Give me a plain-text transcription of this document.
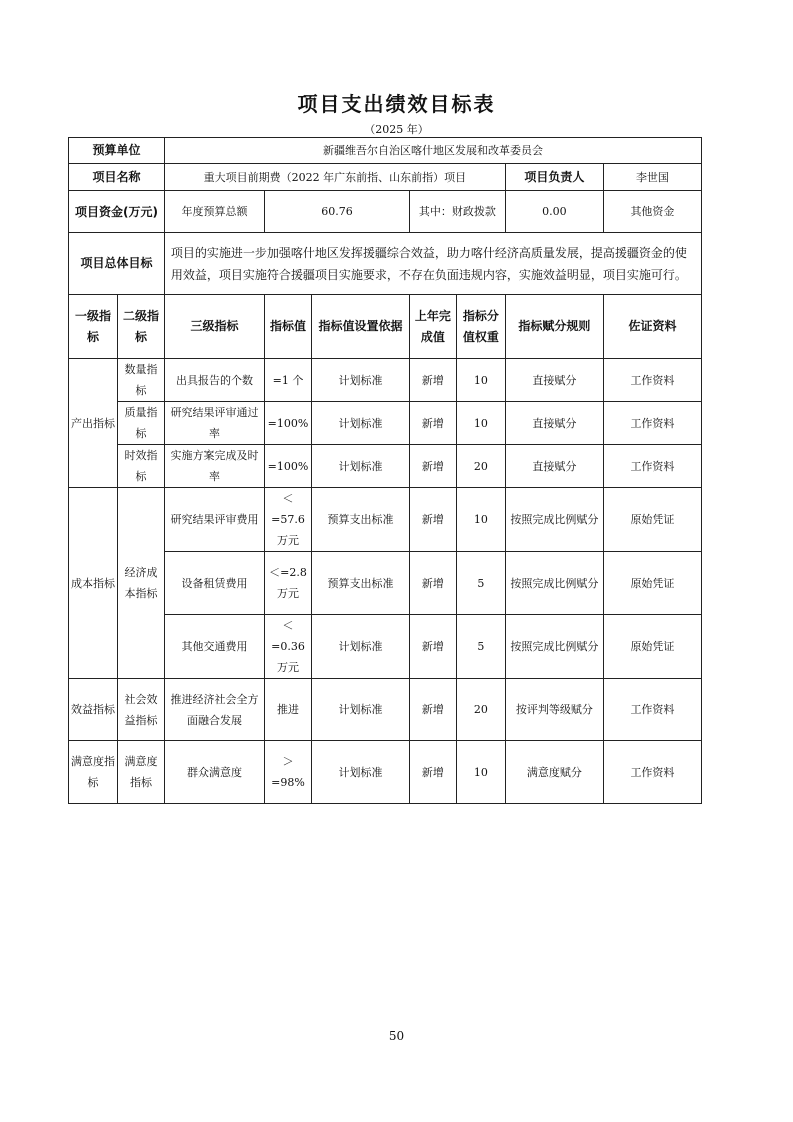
项目支出绩效目标表
（2025 年）
预算单位		新疆维吾尔自治区喀什地区发展和改革委员会						
项目名称		重大项目前期费（2022 年广东前指、山东前指）项目					项目负责人	李世国
项目资金(万元)		年度预算总额	60.76		其中：财政拨款		0.00	其他资金
项目总体目标		项目的实施进一步加强喀什地区发挥援疆综合效益，助力喀什经济高质量发展，提高援疆资金的使用效益，项目实施符合援疆项目实施要求，不存在负面违规内容，实施效益明显，项目实施可行。						
一级指标	二级指标	三级指标	指标值	指标值设置依据	上年完成值	指标分值权重	指标赋分规则	佐证资料
产出指标	数量指标	出具报告的个数	=1 个	计划标准	新增	10	直接赋分	工作资料
	质量指标	研究结果评审通过率	=100%	计划标准	新增	10	直接赋分	工作资料
	时效指标	实施方案完成及时率	=100%	计划标准	新增	20	直接赋分	工作资料
成本指标	经济成本指标	研究结果评审费用	＜=57.6万元	预算支出标准	新增	10	按照完成比例赋分	原始凭证
		设备租赁费用	＜=2.8万元	预算支出标准	新增	5	按照完成比例赋分	原始凭证
		其他交通费用	＜=0.36万元	计划标准	新增	5	按照完成比例赋分	原始凭证
效益指标	社会效益指标	推进经济社会全方面融合发展	推进	计划标准	新增	20	按评判等级赋分	工作资料
满意度指标	满意度指标	群众满意度	＞=98%	计划标准	新增	10	满意度赋分	工作资料
50
